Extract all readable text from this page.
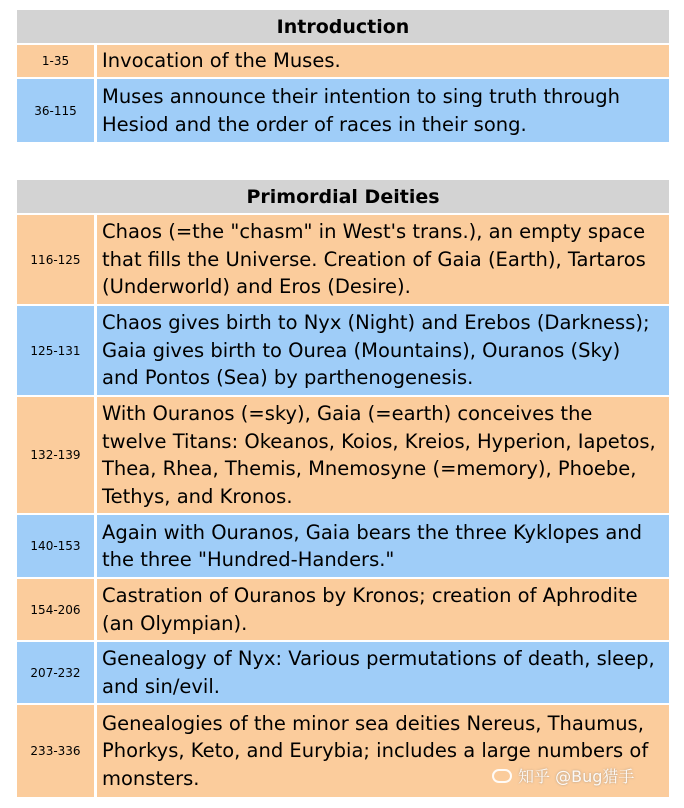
Introduction
1-35	Invocation of the Muses.
36-115
Muses announce their intention to sing truth through Hesiod and the order of races in their song.
Primordial Deities
116-125
Chaos (=the "chasm" in West's trans.), an empty space that fills the Universe. Creation of Gaia (Earth), Tartaros (Underworld) and Eros (Desire).
125-131
Chaos gives birth to Nyx (Night) and Erebos (Darkness); Gaia gives birth to Ourea (Mountains), Ouranos (Sky) and Pontos (Sea) by parthenogenesis.
132-139
With Ouranos (=sky), Gaia (=earth) conceives the twelve Titans: Okeanos, Koios, Kreios, Hyperion, Iapetos, Thea, Rhea, Themis, Mnemosyne (=memory), Phoebe, Tethys, and Kronos.
140-153
Again with Ouranos, Gaia bears the three Kyklopes and the three "Hundred-Handers."
154-206
Castration of Ouranos by Kronos; creation of Aphrodite (an Olympian).
207-232
Genealogy of Nyx: Various permutations of death, sleep, and sin/evil.
233-336
Genealogies of the minor sea deities Nereus, Thaumus, Phorkys, Keto, and Eurybia; includes a large numbers of monsters.	知乎 @Bug猎手
